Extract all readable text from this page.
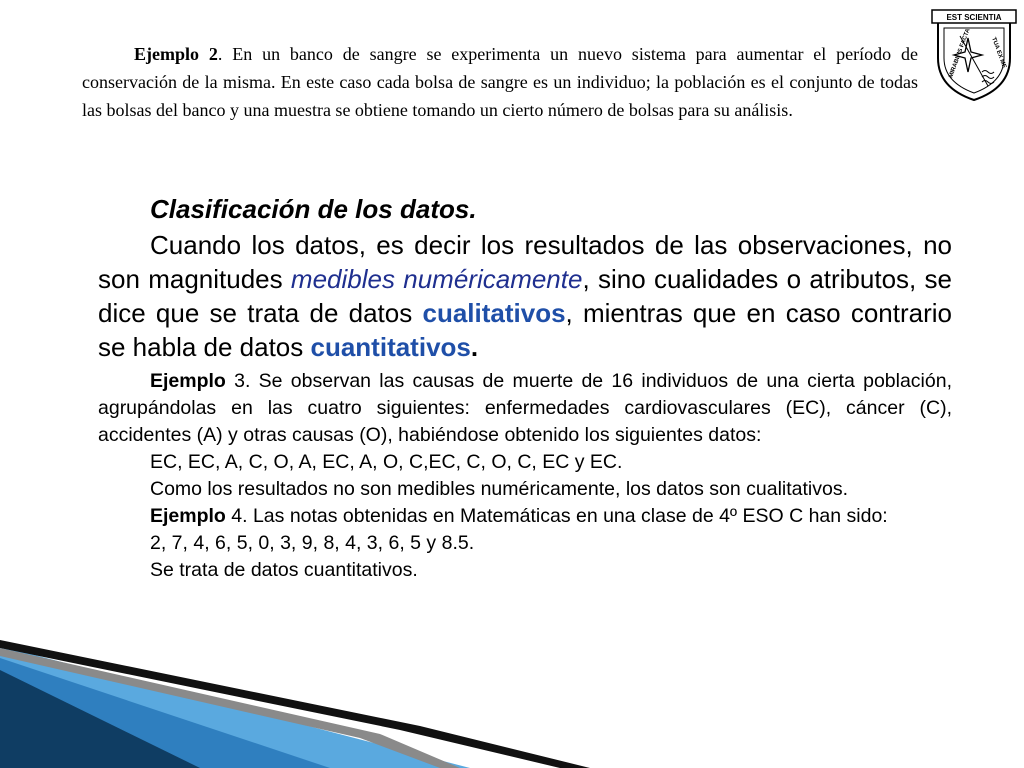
EST SCIENTIA
MIRABILIS FACTA	TUA EX ME

Ejemplo 2. En un banco de sangre se experimenta un nuevo sistema para aumentar el período de conservación de la misma. En este caso cada bolsa de sangre es un individuo; la población es el conjunto de todas las bolsas del banco y una muestra se obtiene tomando un cierto número de bolsas para su análisis.

Clasificación de los datos.

Cuando los datos, es decir los resultados de las observaciones, no son magnitudes medibles numéricamente, sino cualidades o atributos, se dice que se trata de datos cualitativos, mientras que en caso contrario se habla de datos cuantitativos.

Ejemplo 3. Se observan las causas de muerte de 16 individuos de una cierta población, agrupándolas en las cuatro siguientes: enfermedades cardiovasculares (EC), cáncer (C), accidentes (A) y otras causas (O), habiéndose obtenido los siguientes datos:

EC, EC, A, C, O, A, EC, A, O, C,EC, C, O, C, EC y EC.

Como los resultados no son medibles numéricamente, los datos son cualitativos.

Ejemplo 4. Las notas obtenidas en Matemáticas en una clase de 4º ESO C han sido:

2, 7, 4, 6, 5, 0, 3, 9, 8, 4, 3, 6, 5 y 8.5.

Se trata de datos cuantitativos.
